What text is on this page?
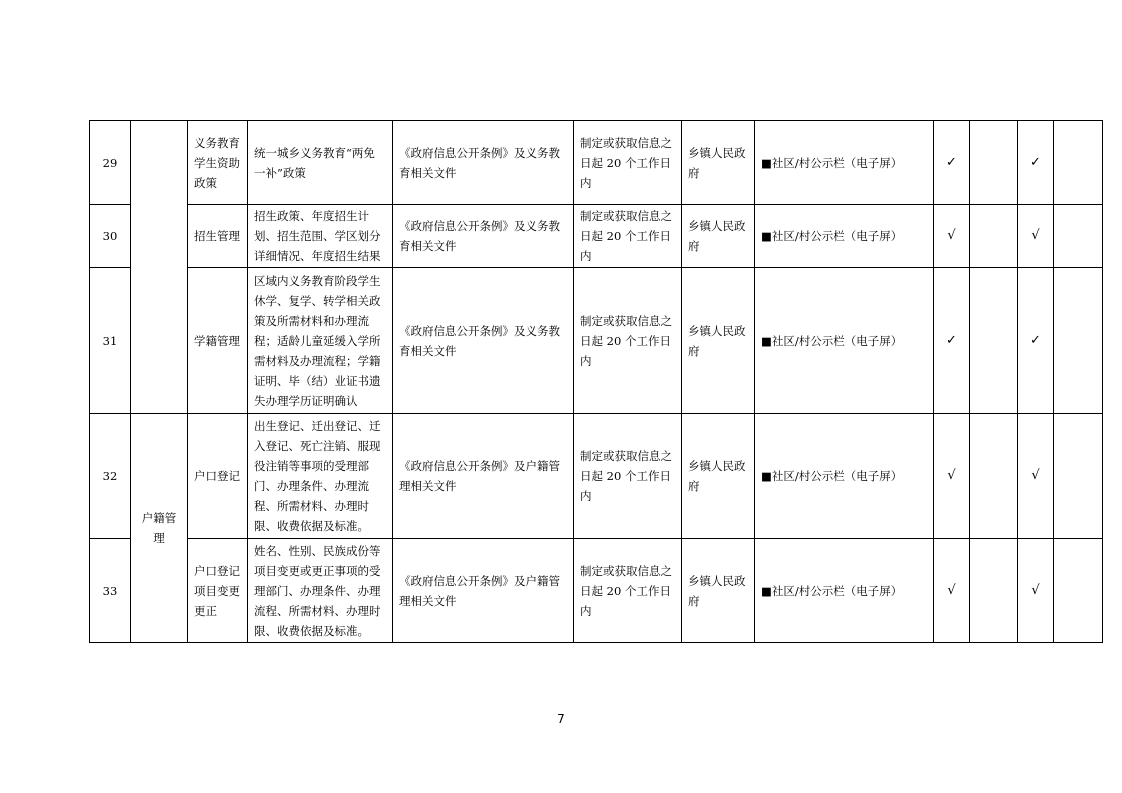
29		义务教育学生资助政策	统一城乡义务教育“两免一补”政策	《政府信息公开条例》及义务教育相关文件	制定或获取信息之日起 20 个工作日内	乡镇人民政府	■社区/村公示栏（电子屏）	✓		✓	
30		招生管理	招生政策、年度招生计划、招生范围、学区划分详细情况、年度招生结果	《政府信息公开条例》及义务教育相关文件	制定或获取信息之日起 20 个工作日内	乡镇人民政府	■社区/村公示栏（电子屏）	√		√	
31		学籍管理	区域内义务教育阶段学生休学、复学、转学相关政策及所需材料和办理流程；适龄儿童延缓入学所需材料及办理流程；学籍证明、毕（结）业证书遗失办理学历证明确认	《政府信息公开条例》及义务教育相关文件	制定或获取信息之日起 20 个工作日内	乡镇人民政府	■社区/村公示栏（电子屏）	✓		✓	
32	户籍管理	户口登记	出生登记、迁出登记、迁入登记、死亡注销、服现役注销等事项的受理部门、办理条件、办理流程、所需材料、办理时限、收费依据及标准。	《政府信息公开条例》及户籍管理相关文件	制定或获取信息之日起 20 个工作日内	乡镇人民政府	■社区/村公示栏（电子屏）	√		√	
33		户口登记项目变更更正	姓名、性别、民族成份等项目变更或更正事项的受理部门、办理条件、办理流程、所需材料、办理时限、收费依据及标准。	《政府信息公开条例》及户籍管理相关文件	制定或获取信息之日起 20 个工作日内	乡镇人民政府	■社区/村公示栏（电子屏）	√		√	
7
